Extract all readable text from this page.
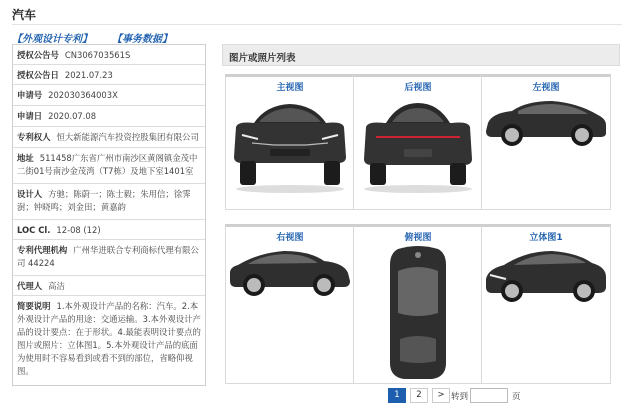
汽车
【外观设计专利】 【事务数据】
授权公告号 CN306703561S
授权公告日 2021.07.23
申请号 202030364003X
申请日 2020.07.08
专利权人 恒大新能源汽车投资控股集团有限公司
地址 511458广东省广州市南沙区黄阁镇金茂中二街01号南沙金茂湾（T7栋）及地下室1401室
设计人 方驰；陈蔚一；陈士毅；朱用信；徐霁澍；钟晓鸣；刘金田；黄嘉韵
LOC Cl. 12-08 (12)
专利代理机构 广州华进联合专利商标代理有限公司 44224
代理人 高洁
简要说明 1.本外观设计产品的名称：汽车。2.本外观设计产品的用途：交通运输。3.本外观设计产品的设计要点：在于形状。4.最能表明设计要点的图片或照片：立体图1。5.本外观设计产品的底面为使用时不容易看到或看不到的部位，省略仰视图。
图片或照片列表
主视图	后视图	左视图
右视图	俯视图	立体图1
1	2	> 转到	页
